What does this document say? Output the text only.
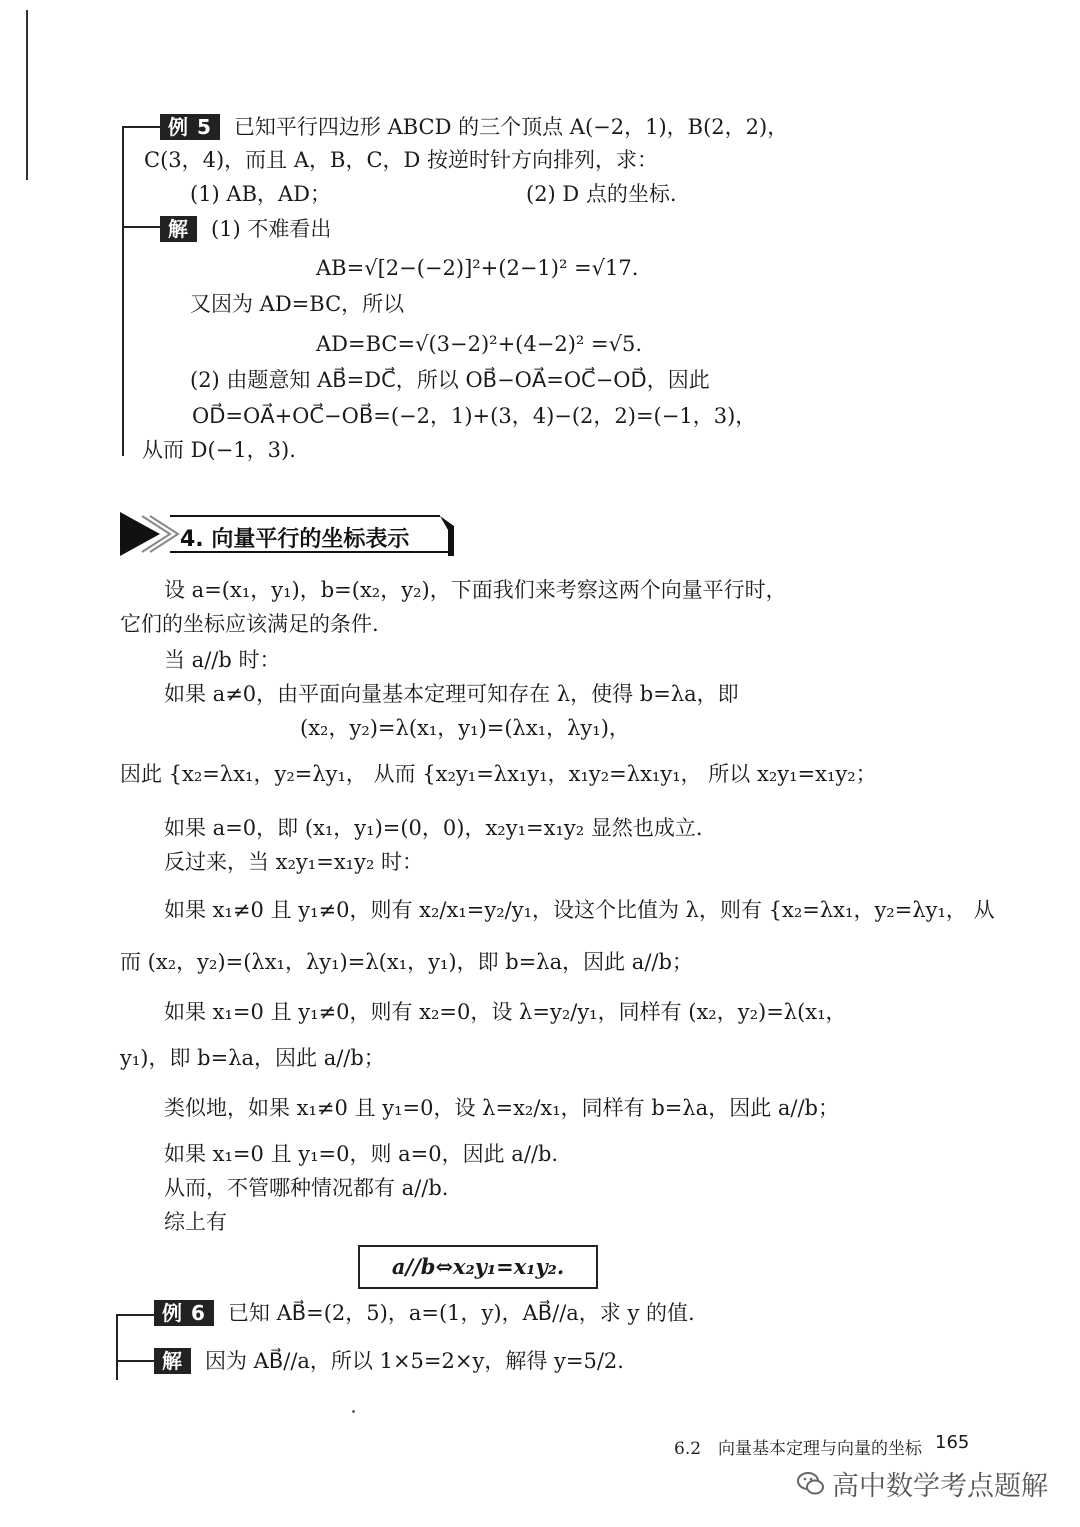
例 5 已知平行四边形 ABCD 的三个顶点 A(−2，1)，B(2，2)，
C(3，4)，而且 A，B，C，D 按逆时针方向排列，求：
(1) AB，AD；	(2) D 点的坐标.
解 (1) 不难看出
AB=√[2−(−2)]²+(2−1)² =√17.
又因为 AD=BC，所以
AD=BC=√(3−2)²+(4−2)² =√5.
(2) 由题意知 AB⃗=DC⃗，所以 OB⃗−OA⃗=OC⃗−OD⃗，因此
OD⃗=OA⃗+OC⃗−OB⃗=(−2，1)+(3，4)−(2，2)=(−1，3)，
从而 D(−1，3).
4. 向量平行的坐标表示
设 a=(x₁，y₁)，b=(x₂，y₂)，下面我们来考察这两个向量平行时，
它们的坐标应该满足的条件.
当 a//b 时：
如果 a≠0，由平面向量基本定理可知存在 λ，使得 b=λa，即
(x₂，y₂)=λ(x₁，y₁)=(λx₁，λy₁)，
因此 {x₂=λx₁，y₂=λy₁， 从而 {x₂y₁=λx₁y₁，x₁y₂=λx₁y₁， 所以 x₂y₁=x₁y₂；
如果 a=0，即 (x₁，y₁)=(0，0)，x₂y₁=x₁y₂ 显然也成立.
反过来，当 x₂y₁=x₁y₂ 时：
如果 x₁≠0 且 y₁≠0，则有 x₂/x₁=y₂/y₁，设这个比值为 λ，则有 {x₂=λx₁，y₂=λy₁， 从
而 (x₂，y₂)=(λx₁，λy₁)=λ(x₁，y₁)，即 b=λa，因此 a//b；
如果 x₁=0 且 y₁≠0，则有 x₂=0，设 λ=y₂/y₁，同样有 (x₂，y₂)=λ(x₁，
y₁)，即 b=λa，因此 a//b；
类似地，如果 x₁≠0 且 y₁=0，设 λ=x₂/x₁，同样有 b=λa，因此 a//b；
如果 x₁=0 且 y₁=0，则 a=0，因此 a//b.
从而，不管哪种情况都有 a//b.
综上有
a//b⇔x₂y₁=x₁y₂.
例 6 已知 AB⃗=(2，5)，a=(1，y)，AB⃗//a，求 y 的值.
解 因为 AB⃗//a，所以 1×5=2×y，解得 y=5/2.
6.2　向量基本定理与向量的坐标 165
高中数学考点题解
